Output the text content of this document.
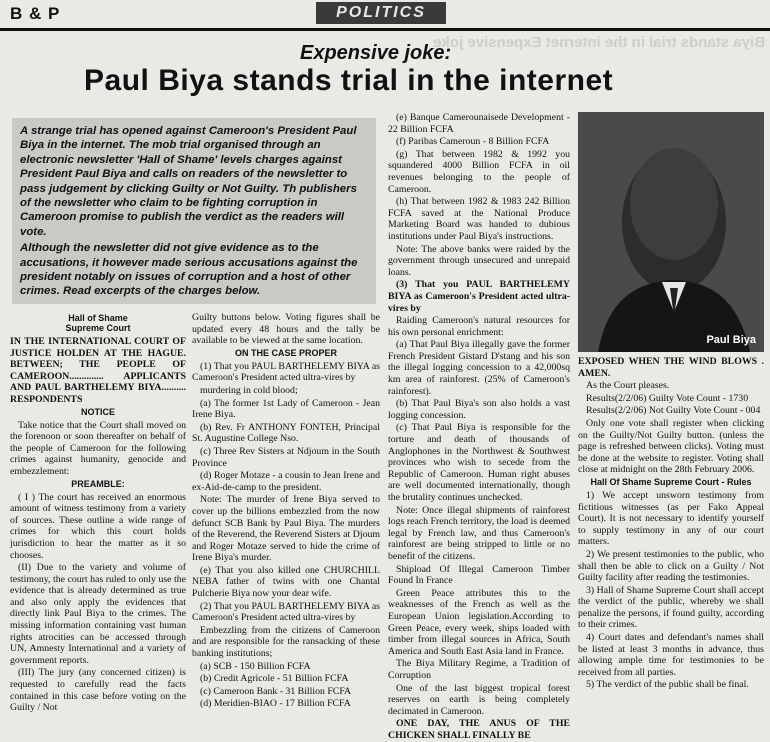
B & P	POLITICS
Biya stands trial in the internet Expensive joke
Expensive joke:
Paul Biya stands trial in the internet

A strange trial has opened against Cameroon's President Paul Biya in the internet. The mob trial organised through an electronic newsletter 'Hall of Shame' levels charges against President Paul Biya and calls on readers of the newsletter to pass judgement by clicking Guilty or Not Guilty. Th publishers of the newsletter who claim to be fighting corruption in Cameroon promise to publish the verdict as the readers will vote.

Although the newsletter did not give evidence as to the accusations, it however made serious accusations against the president notably on issues of corruption and a host of other crimes. Read excerpts of the charges below.

Hall of Shame
Supreme Court

IN THE INTERNATIONAL COURT OF JUSTICE HOLDEN AT THE HAGUE. BETWEEN; THE PEOPLE OF CAMEROON.............. APPLICANTS AND PAUL BARTHELEMY BIYA.......... RESPONDENTS

NOTICE

Take notice that the Court shall moved on the forenoon or soon thereafter on behalf of the people of Cameroon for the following crimes against humanity, genocide and embezzlement:

PREAMBLE:

( I ) The court has received an enormous amount of witness testimony from a variety of sources. These outline a wide range of crimes for which this court holds jurisdiction to hear the matter as it so chooses.

(II) Due to the variety and volume of testimony, the court has ruled to only use the evidence that is already determined as true and also only apply the evidences that directly link Paul Biya to the crimes. The missing information containing vast human rights atrocities can be accessed through UN, Amnesty International and a variety of government reports.

(III) The jury (any concerned citizen) is requested to carefully read the facts contained in this case before voting on the Guilty / Not

Guilty buttons below. Voting figures shall be updated every 48 hours and the tally be available to be viewed at the same location.

ON THE CASE PROPER

(1) That you PAUL BARTHELEMY BIYA as Cameroon's President acted ultra-vires by

murdering in cold blood;

(a) The former 1st Lady of Cameroon - Jean Irene Biya.

(b) Rev. Fr ANTHONY FONTEH, Principal St. Augustine College Nso.

(c) Three Rev Sisters at Ndjoum in the South Province

(d) Roger Motaze - a cousin to Jean Irene and ex-Aid-de-camp to the president.

Note: The murder of Irene Biya served to cover up the billions embezzled from the now defunct SCB Bank by Paul Biya. The murders of the Reverend, the Reverend Sisters at Djoum and Roger Motaze served to hide the crime of Irene Biya's murder.

(e) That you also killed one CHURCHILL NEBA father of twins with one Chantal Pulcherie Biya now your dear wife.

(2) That you PAUL BARTHELEMY BIYA as Cameroon's President acted ultra-vires by

Embezzling from the citizens of Cameroon and are responsible for the ransacking of these banking institutions;

(a) SCB - 150 Billion FCFA

(b) Credit Agricole - 51 Billion FCFA

(c) Cameroon Bank - 31 Billion FCFA

(d) Meridien-BIAO - 17 Billion FCFA

(e) Banque Camerounaisede Development - 22 Billion FCFA

(f) Paribas Cameroun - 8 Billion FCFA

(g) That between 1982 & 1992 you squandered 4000 Billion FCFA in oil revenues belonging to the people of Cameroon.

(h) That between 1982 & 1983 242 Billion FCFA saved at the National Produce Marketing Board was handed to dubious institutions under Paul Biya's instructions.

Note: The above banks were raided by the government through unsecured and unrepaid loans.

(3) That you PAUL BARTHELEMY BIYA as Cameroon's President acted ultra-vires by

Raiding Cameroon's natural resources for his own personal enrichment:

(a) That Paul Biya illegally gave the former French President Gistard D'stang and his son the illegal logging concession to a 42,000sq km area of rainforest. (25% of Cameroon's rainforest).

(b) That Paul Biya's son also holds a vast logging concession.

(c) That Paul Biya is responsible for the torture and death of thousands of Anglophones in the Northwest & Southwest provinces who wish to secede from the Republic of Cameroon. Human right abuses are well documented internationally, though the brutality continues unchecked.

Note: Once illegal shipments of rainforest logs reach French territory, the load is deemed legal by French law, and thus Cameroon's rainforest are being stripped to little or no benefit of the citizens.

Shipload Of Illegal Cameroon Timber Found In France

Green Peace attributes this to the weaknesses of the French as well as the European Union legislation.According to Green Peace, every week, ships loaded with timber from illegal sources in Africa, South America and South East Asia land in France.

The Biya Military Regime, a Tradition of Corruption

One of the last biggest tropical forest reserves on earth is being completely decimated in Cameroon.

ONE DAY, THE ANUS OF THE CHICKEN SHALL FINALLY BE

Paul Biya

EXPOSED WHEN THE WIND BLOWS . AMEN.

As the Court pleases.

Results(2/2/06) Guilty Vote Count - 1730

Results(2/2/06) Not Guilty Vote Count - 004

Only one vote shall register when clicking on the Guilty/Not Guilty button. (unless the page is refreshed between clicks). Voting must be done at the website to register. Voting shall close at midnight on the 28th February 2006.

Hall Of Shame Supreme Court - Rules

1) We accept unsworn testimony from fictitious witnesses (as per Fako Appeal Court). It is not necessary to identify yourself to supply testimony in any of our court matters.

2) We present testimonies to the public, who shall then be able to click on a Guilty / Not Guilty facility after reading the testimonies.

3) Hall of Shame Supreme Court shall accept the verdict of the public, whereby we shall penalize the persons, if found guilty, according to their crimes.

4) Court dates and defendant's names shall be listed at least 3 months in advance, thus allowing ample time for testimonies to be received from all parties.

5) The verdict of the public shall be final.
